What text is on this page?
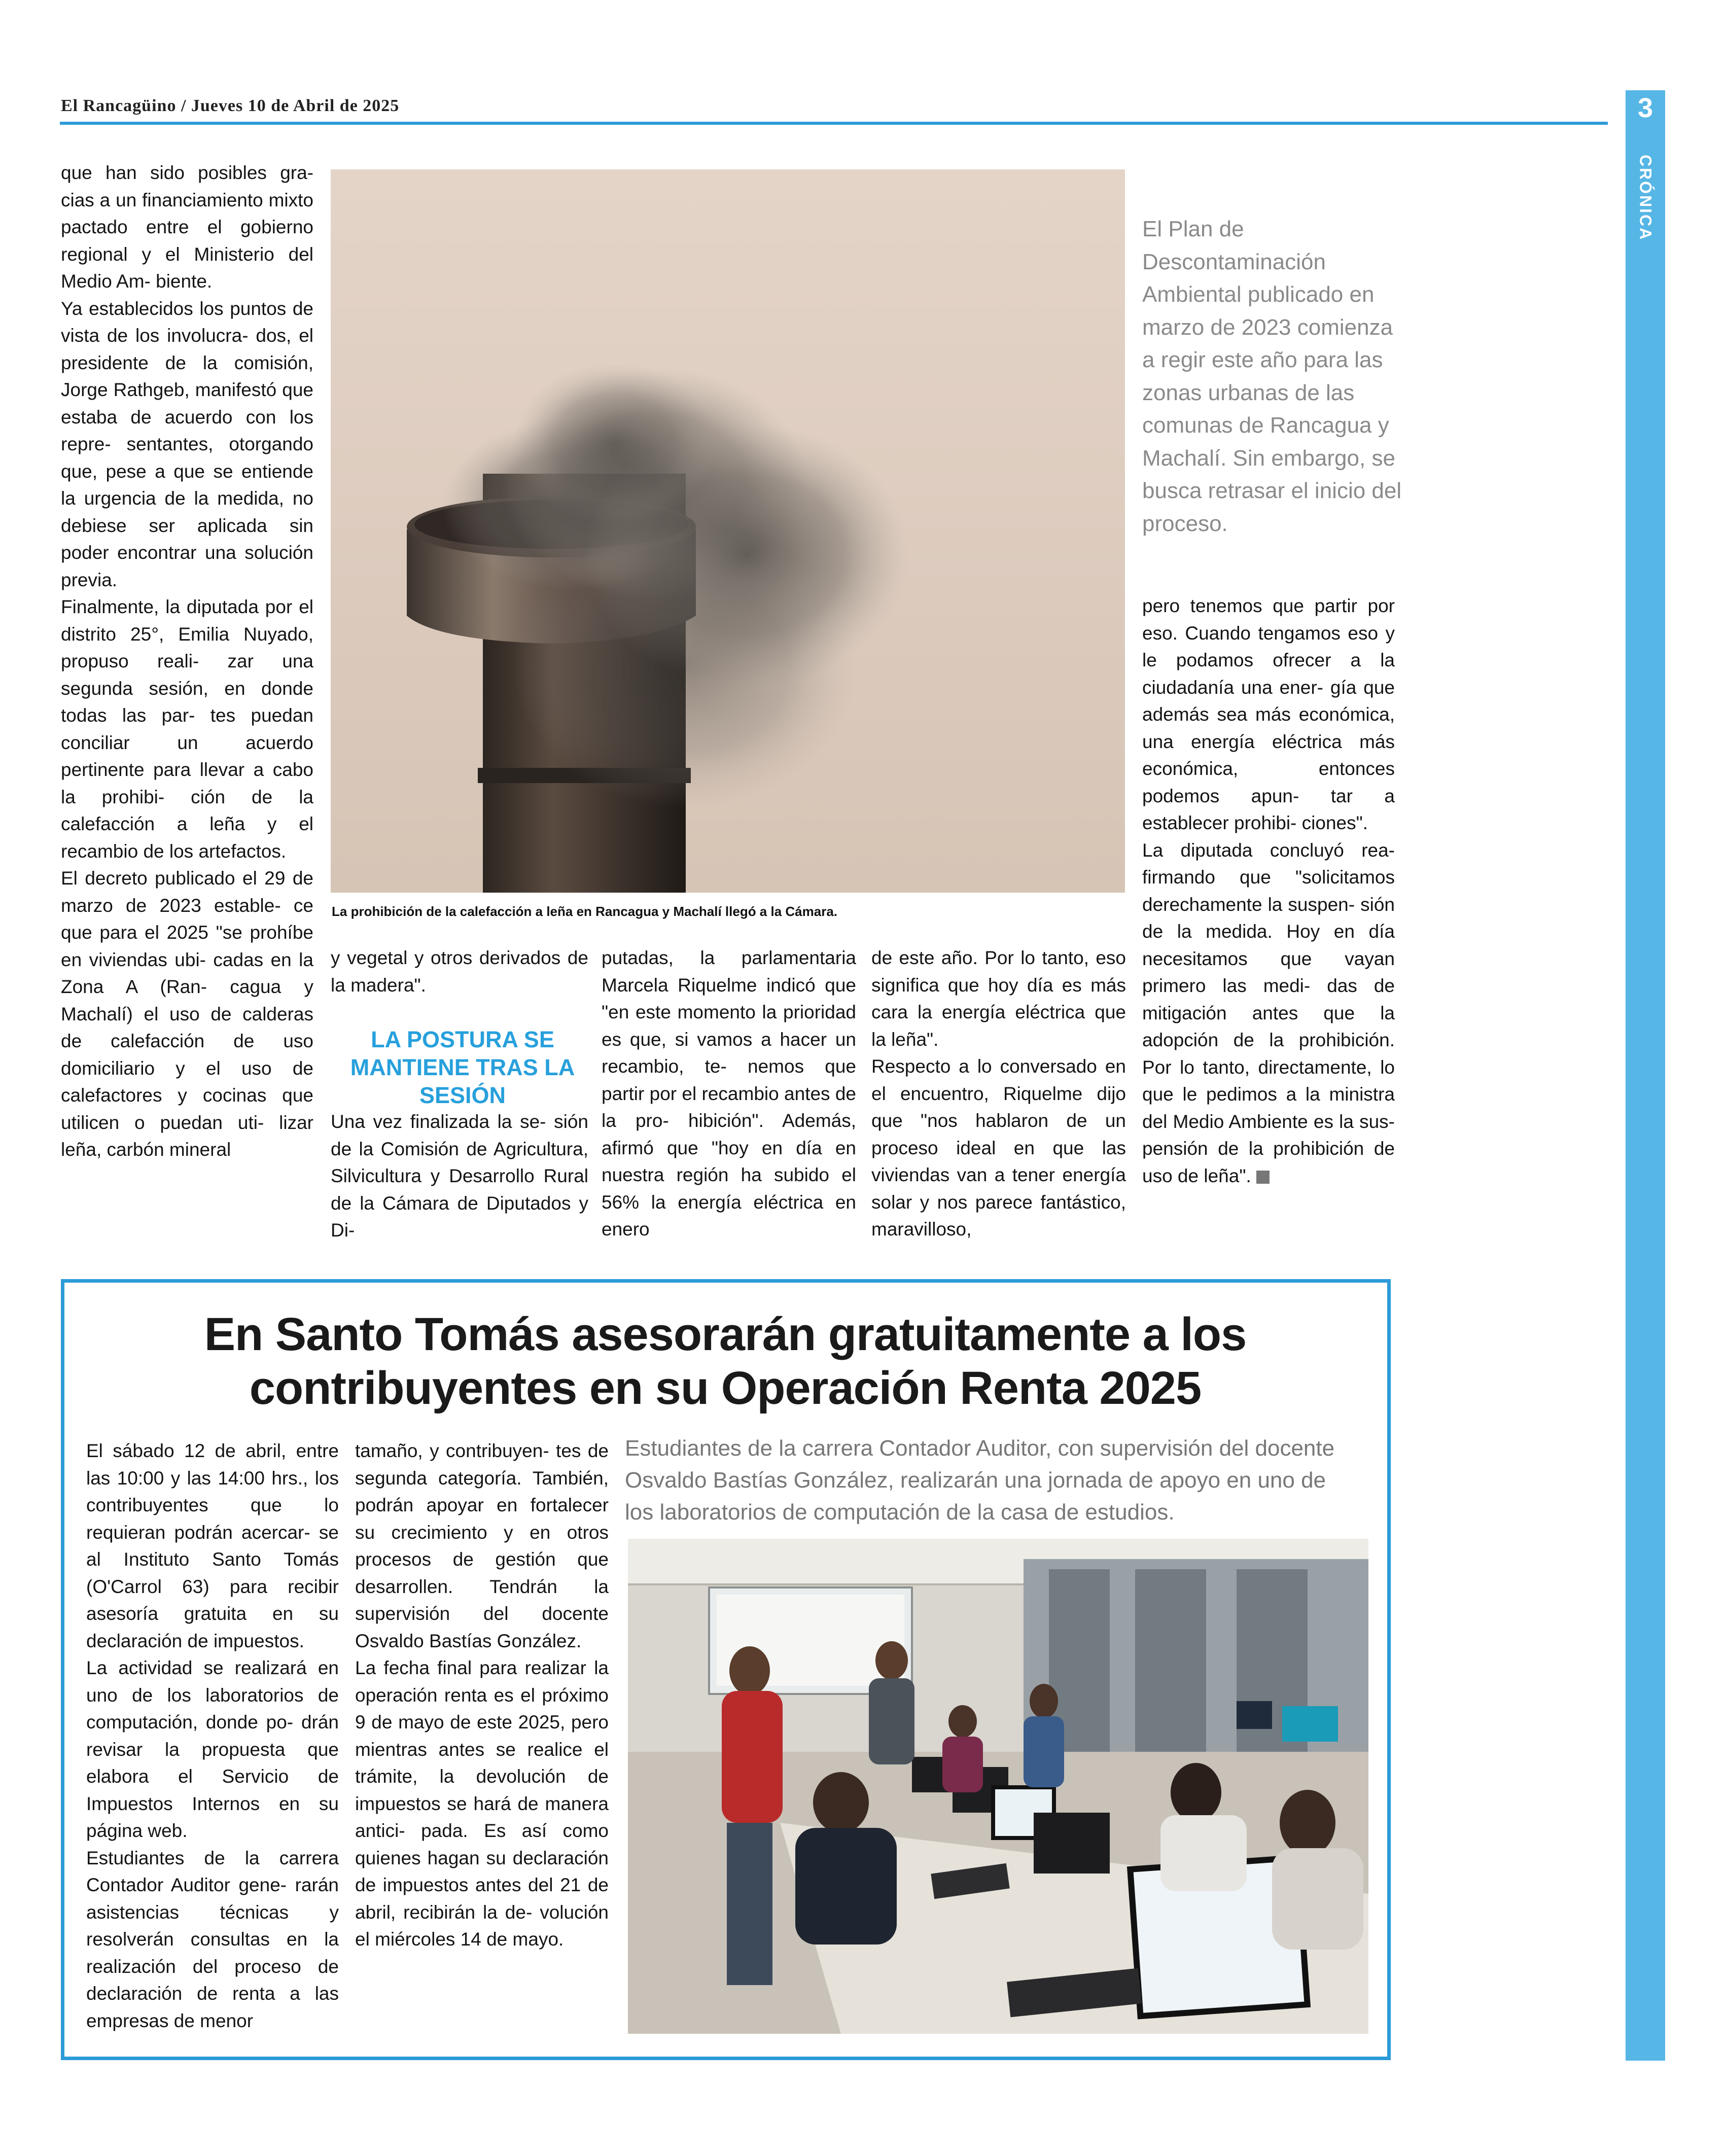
El Rancagüino / Jueves 10 de Abril de 2025	3
CRÓNICA

que han sido posibles gra- cias a un financiamiento mixto pactado entre el gobierno regional y el Ministerio del Medio Am- biente.

Ya establecidos los puntos de vista de los involucra- dos, el presidente de la comisión, Jorge Rathgeb, manifestó que estaba de acuerdo con los repre- sentantes, otorgando que, pese a que se entiende la urgencia de la medida, no debiese ser aplicada sin poder encontrar una solución previa.

Finalmente, la diputada por el distrito 25°, Emilia Nuyado, propuso reali- zar una segunda sesión, en donde todas las par- tes puedan conciliar un acuerdo pertinente para llevar a cabo la prohibi- ción de la calefacción a leña y el recambio de los artefactos.

El decreto publicado el 29 de marzo de 2023 estable- ce que para el 2025 "se prohíbe en viviendas ubi- cadas en la Zona A (Ran- cagua y Machalí) el uso de calderas de calefacción de uso domiciliario y el uso de calefactores y cocinas que utilicen o puedan uti- lizar leña, carbón mineral

La prohibición de la calefacción a leña en Rancagua y Machalí llegó a la Cámara.

y vegetal y otros derivados de la madera".

LA POSTURA SE MANTIENE TRAS LA SESIÓN

Una vez finalizada la se- sión de la Comisión de Agricultura, Silvicultura y Desarrollo Rural de la Cámara de Diputados y Di-

putadas, la parlamentaria Marcela Riquelme indicó que "en este momento la prioridad es que, si vamos a hacer un recambio, te- nemos que partir por el recambio antes de la pro- hibición". Además, afirmó que "hoy en día en nuestra región ha subido el 56% la energía eléctrica en enero

de este año. Por lo tanto, eso significa que hoy día es más cara la energía eléctrica que la leña".

Respecto a lo conversado en el encuentro, Riquelme dijo que "nos hablaron de un proceso ideal en que las viviendas van a tener energía solar y nos parece fantástico, maravilloso,

El Plan de Descontaminación Ambiental publicado en marzo de 2023 comienza a regir este año para las zonas urbanas de las comunas de Rancagua y Machalí. Sin embargo, se busca retrasar el inicio del proceso.

pero tenemos que partir por eso. Cuando tengamos eso y le podamos ofrecer a la ciudadanía una ener- gía que además sea más económica, una energía eléctrica más económica, entonces podemos apun- tar a establecer prohibi- ciones".

La diputada concluyó rea- firmando que "solicitamos derechamente la suspen- sión de la medida. Hoy en día necesitamos que vayan primero las medi- das de mitigación antes que la adopción de la prohibición. Por lo tanto, directamente, lo que le pedimos a la ministra del Medio Ambiente es la sus- pensión de la prohibición de uso de leña".

En Santo Tomás asesorarán gratuitamente a los contribuyentes en su Operación Renta 2025
Estudiantes de la carrera Contador Auditor, con supervisión del docente Osvaldo Bastías González, realizarán una jornada de apoyo en uno de los laboratorios de computación de la casa de estudios.

El sábado 12 de abril, entre las 10:00 y las 14:00 hrs., los contribuyentes que lo requieran podrán acercar- se al Instituto Santo Tomás (O'Carrol 63) para recibir asesoría gratuita en su declaración de impuestos.

La actividad se realizará en uno de los laboratorios de computación, donde po- drán revisar la propuesta que elabora el Servicio de Impuestos Internos en su página web.

Estudiantes de la carrera Contador Auditor gene- rarán asistencias técnicas y resolverán consultas en la realización del proceso de declaración de renta a las empresas de menor

tamaño, y contribuyen- tes de segunda categoría. También, podrán apoyar en fortalecer su crecimiento y en otros procesos de gestión que desarrollen. Tendrán la supervisión del docente Osvaldo Bastías González.

La fecha final para realizar la operación renta es el próximo 9 de mayo de este 2025, pero mientras antes se realice el trámite, la devolución de impuestos se hará de manera antici- pada. Es así como quienes hagan su declaración de impuestos antes del 21 de abril, recibirán la de- volución el miércoles 14 de mayo.
